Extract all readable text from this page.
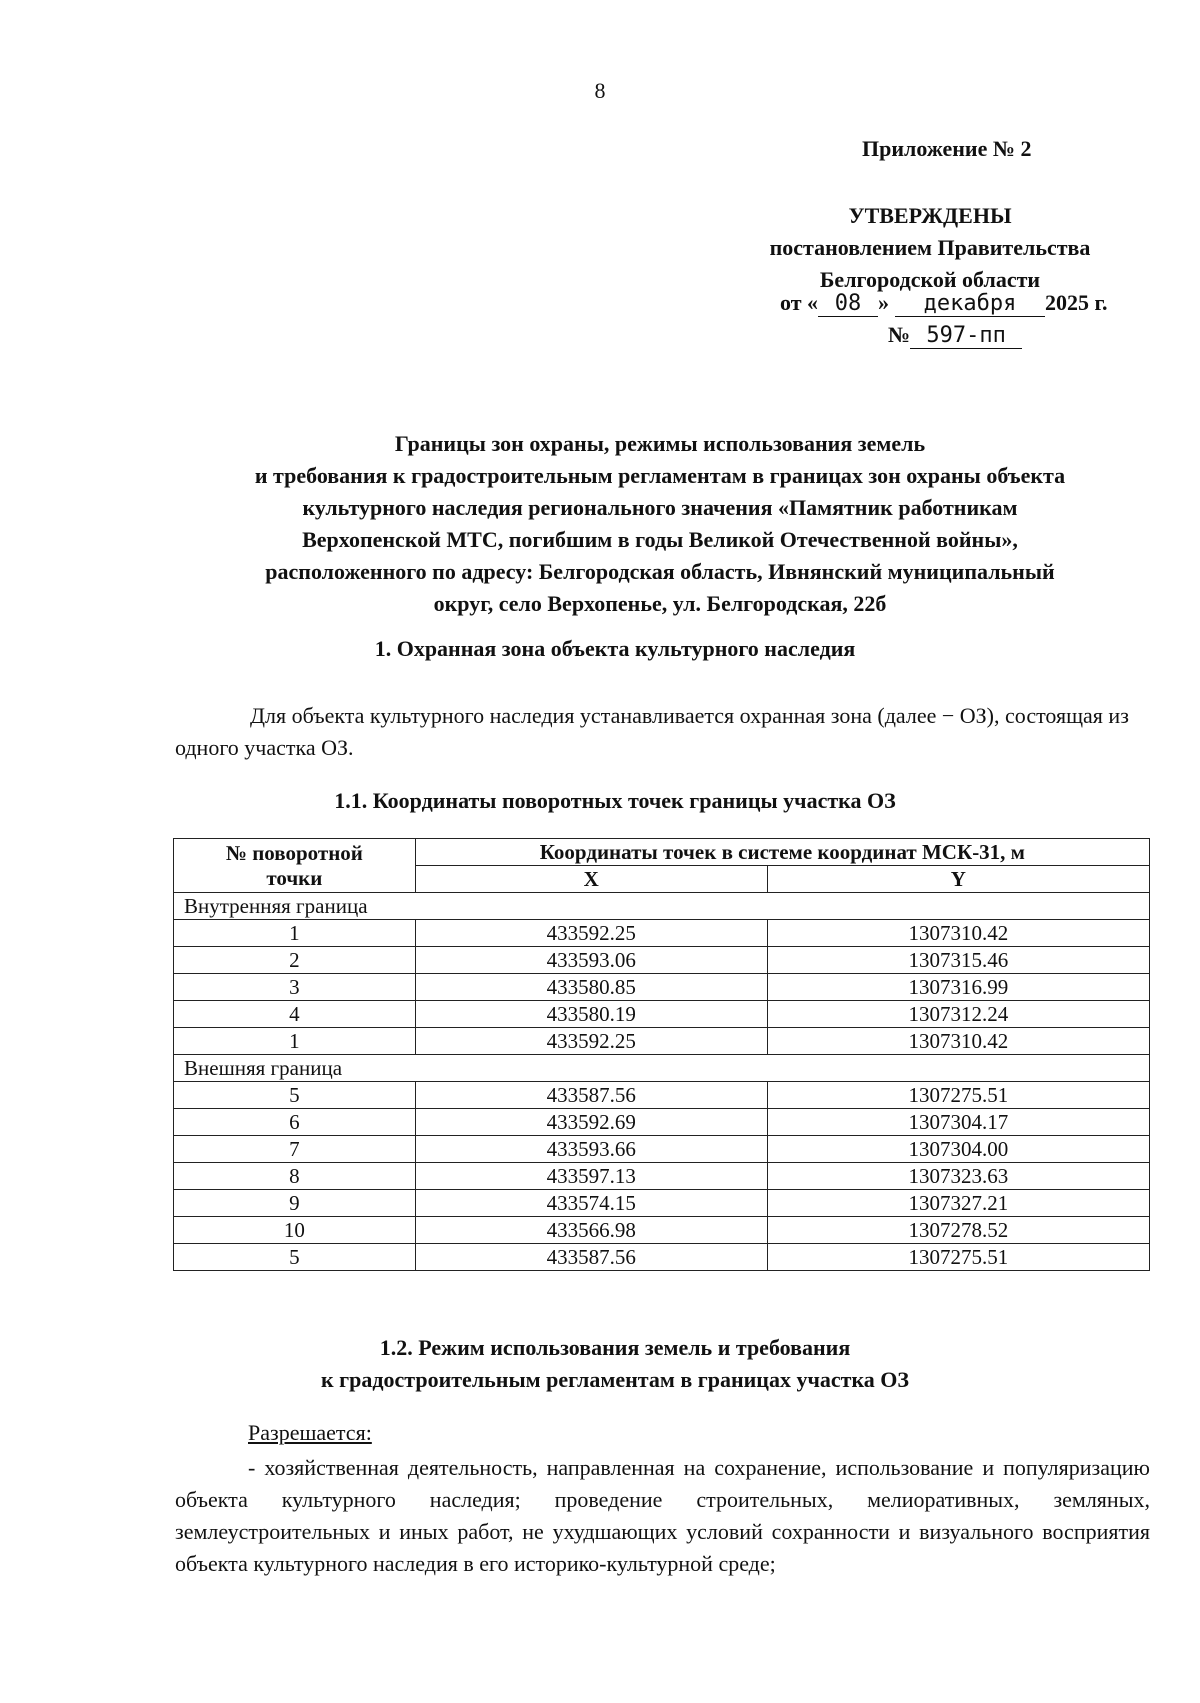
8
Приложение № 2
УТВЕРЖДЕНЫ
постановлением Правительства
Белгородской области
от « 08 » декабря 2025 г.
№ 597-пп
Границы зон охраны, режимы использования земель
и требования к градостроительным регламентам в границах зон охраны объекта
культурного наследия регионального значения «Памятник работникам
Верхопенской МТС, погибшим в годы Великой Отечественной войны»,
расположенного по адресу: Белгородская область, Ивнянский муниципальный
округ, село Верхопенье, ул. Белгородская, 22б
1. Охранная зона объекта культурного наследия
Для объекта культурного наследия устанавливается охранная зона (далее − ОЗ), состоящая из одного участка ОЗ.
1.1. Координаты поворотных точек границы участка ОЗ
№ поворотной
точки	Координаты точек в системе координат МСК-31, м	
	X	Y
Внутренняя граница		
1	433592.25	1307310.42
2	433593.06	1307315.46
3	433580.85	1307316.99
4	433580.19	1307312.24
1	433592.25	1307310.42
Внешняя граница		
5	433587.56	1307275.51
6	433592.69	1307304.17
7	433593.66	1307304.00
8	433597.13	1307323.63
9	433574.15	1307327.21
10	433566.98	1307278.52
5	433587.56	1307275.51
1.2. Режим использования земель и требования
к градостроительным регламентам в границах участка ОЗ
Разрешается:
- хозяйственная деятельность, направленная на сохранение, использование и популяризацию объекта культурного наследия; проведение строительных, мелиоративных, земляных, землеустроительных и иных работ, не ухудшающих условий сохранности и визуального восприятия объекта культурного наследия в его историко-культурной среде;
